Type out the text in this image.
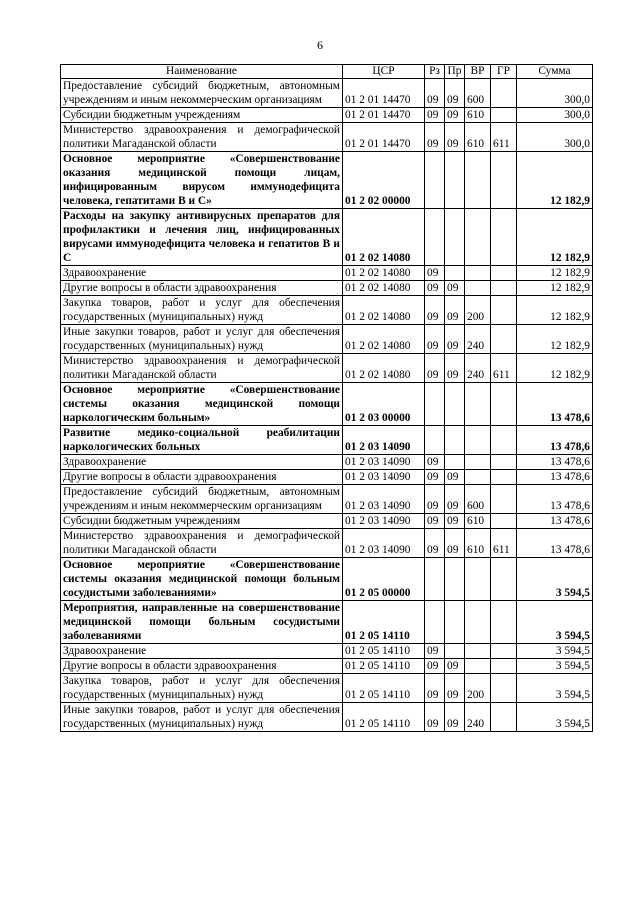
6
Наименование	ЦСР	Рз	Пр	ВР	ГР	Сумма
Предоставление субсидий бюджетным, автономным учреждениям и иным некоммерческим организациям	01 2 01 14470	09	09	600		300,0
Субсидии бюджетным учреждениям	01 2 01 14470	09	09	610		300,0
Министерство здравоохранения и демографической политики Магаданской области	01 2 01 14470	09	09	610	611	300,0
Основное мероприятие «Совершенствование оказания медицинской помощи лицам, инфицированным вирусом иммунодефицита человека, гепатитами В и С»	01 2 02 00000					12 182,9
Расходы на закупку антивирусных препаратов для профилактики и лечения лиц, инфицированных вирусами иммунодефицита человека и гепатитов В и С	01 2 02 14080					12 182,9
Здравоохранение	01 2 02 14080	09				12 182,9
Другие вопросы в области здравоохранения	01 2 02 14080	09	09			12 182,9
Закупка товаров, работ и услуг для обеспечения государственных (муниципальных) нужд	01 2 02 14080	09	09	200		12 182,9
Иные закупки товаров, работ и услуг для обеспечения государственных (муниципальных) нужд	01 2 02 14080	09	09	240		12 182,9
Министерство здравоохранения и демографической политики Магаданской области	01 2 02 14080	09	09	240	611	12 182,9
Основное мероприятие «Совершенствование системы оказания медицинской помощи наркологическим больным»	01 2 03 00000					13 478,6
Развитие медико-социальной реабилитации наркологических больных	01 2 03 14090					13 478,6
Здравоохранение	01 2 03 14090	09				13 478,6
Другие вопросы в области здравоохранения	01 2 03 14090	09	09			13 478,6
Предоставление субсидий бюджетным, автономным учреждениям и иным некоммерческим организациям	01 2 03 14090	09	09	600		13 478,6
Субсидии бюджетным учреждениям	01 2 03 14090	09	09	610		13 478,6
Министерство здравоохранения и демографической политики Магаданской области	01 2 03 14090	09	09	610	611	13 478,6
Основное мероприятие «Совершенствование системы оказания медицинской помощи больным сосудистыми заболеваниями»	01 2 05 00000					3 594,5
Мероприятия, направленные на совершенствование медицинской помощи больным сосудистыми заболеваниями	01 2 05 14110					3 594,5
Здравоохранение	01 2 05 14110	09				3 594,5
Другие вопросы в области здравоохранения	01 2 05 14110	09	09			3 594,5
Закупка товаров, работ и услуг для обеспечения государственных (муниципальных) нужд	01 2 05 14110	09	09	200		3 594,5
Иные закупки товаров, работ и услуг для обеспечения государственных (муниципальных) нужд	01 2 05 14110	09	09	240		3 594,5
